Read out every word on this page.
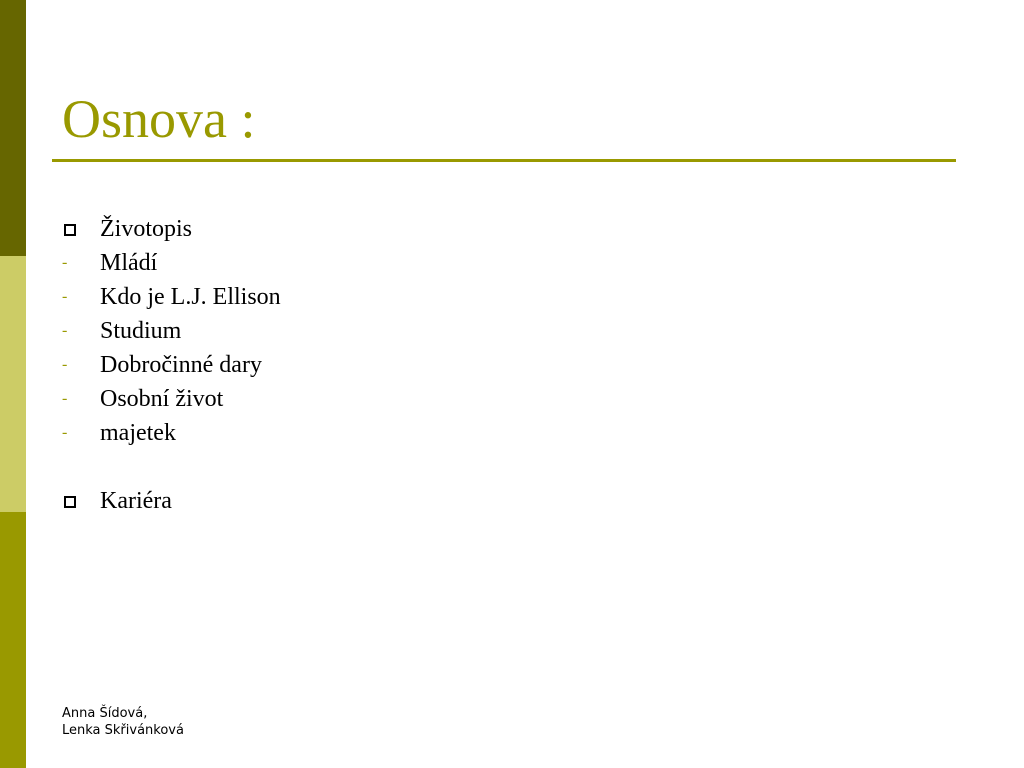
Osnova :
Životopis
- Mládí
- Kdo je L.J. Ellison
- Studium
- Dobročinné dary
- Osobní život
- majetek
Kariéra
Anna Šídová,
Lenka Skřivánková
